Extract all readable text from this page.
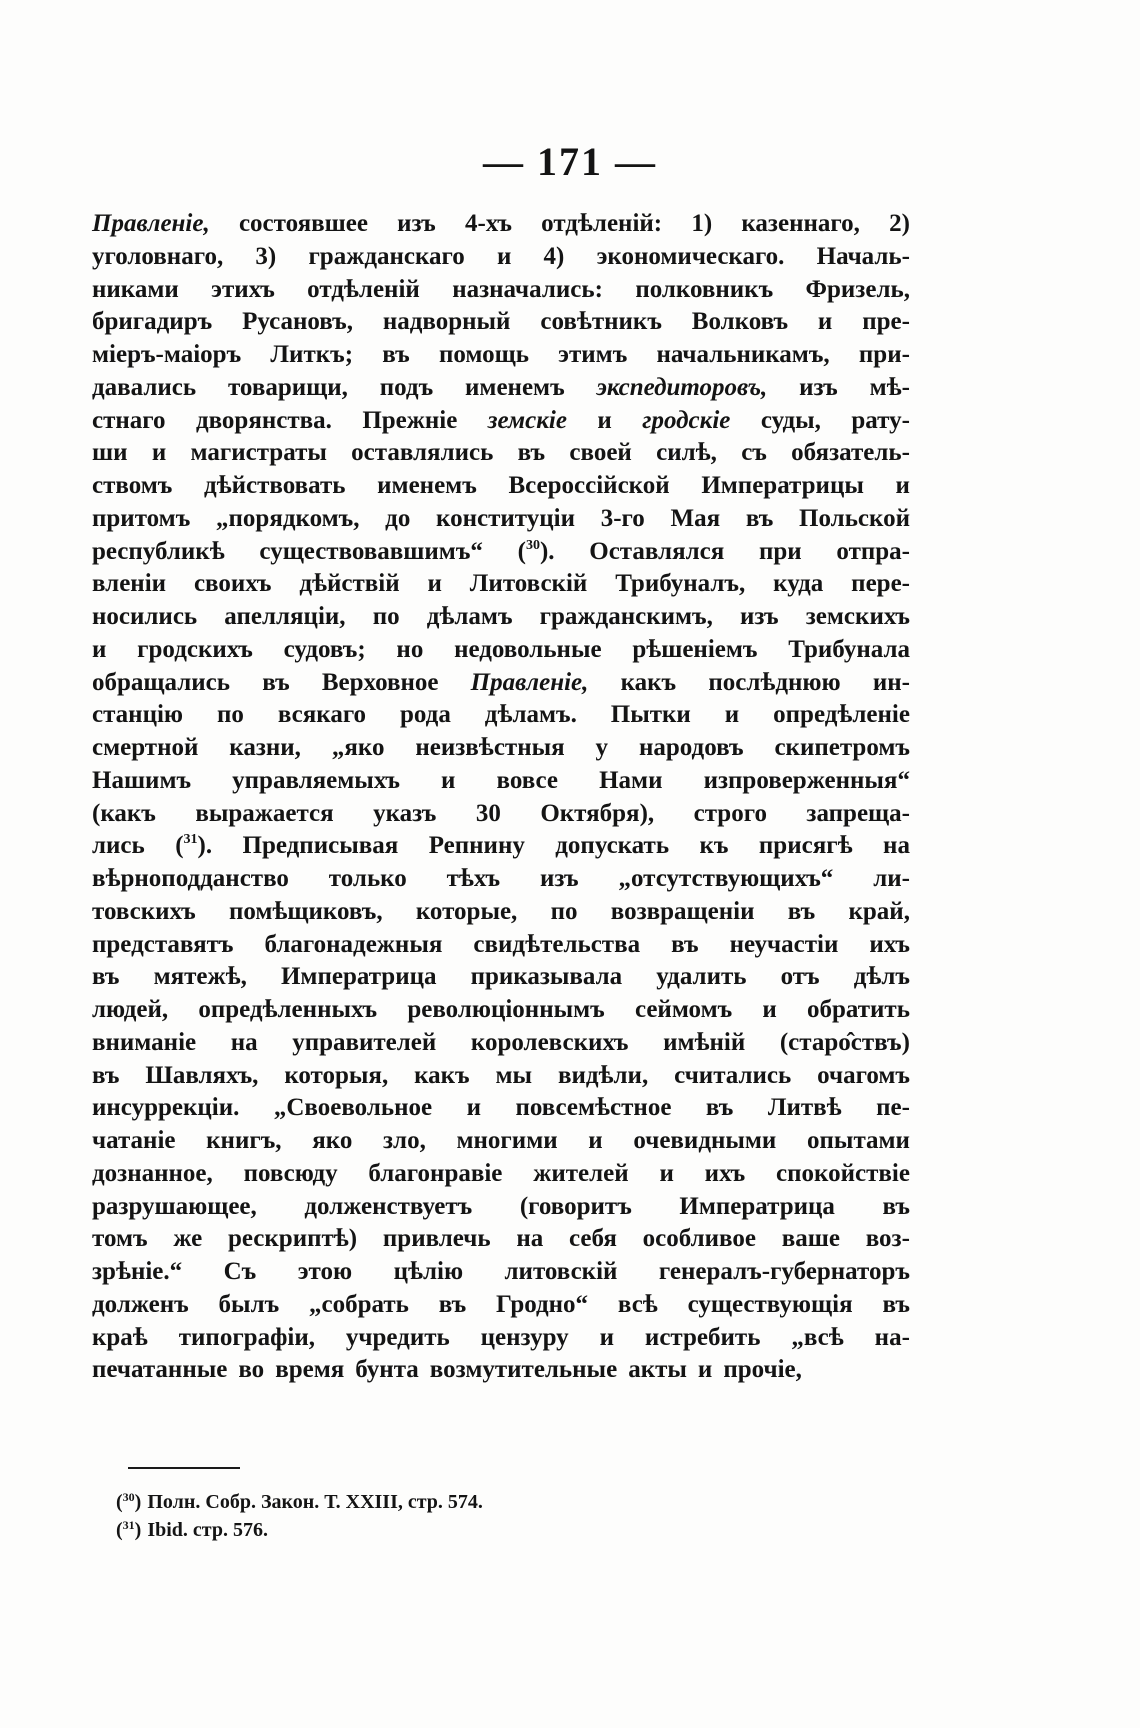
— 171 —
Правленіе, состоявшее изъ 4-хъ отдѣленій: 1) казеннаго, 2)
уголовнаго, 3) гражданскаго и 4) экономическаго. Началь-
никами этихъ отдѣленій назначались: полковникъ Фризель,
бригадиръ Русановъ, надворный совѣтникъ Волковъ и пре-
міеръ-маіоръ Литкъ; въ помощь этимъ начальникамъ, при-
давались товарищи, подъ именемъ экспедиторовъ, изъ мѣ-
стнаго дворянства. Прежніе земскіе и гродскіе суды, рату-
ши и магистраты оставлялись въ своей силѣ, съ обязатель-
ствомъ дѣйствовать именемъ Всероссійской Императрицы и
притомъ „порядкомъ, до конституціи 3-го Мая въ Польской
республикѣ существовавшимъ“ ($^{30}$). Оставлялся при отпра-
вленіи своихъ дѣйствій и Литовскій Трибуналъ, куда пере-
носились апелляціи, по дѣламъ гражданскимъ, изъ земскихъ
и гродскихъ судовъ; но недовольные рѣшеніемъ Трибунала
обращались въ Верховное Правленіе, какъ послѣднюю ин-
станцію по всякаго рода дѣламъ. Пытки и опредѣленіе
смертной казни, „яко неизвѣстныя у народовъ скипетромъ
Нашимъ управляемыхъ и вовсе Нами изпроверженныя“
(какъ выражается указъ 30 Октября), строго запреща-
лись ($^{31}$). Предписывая Репнину допускать къ присягѣ на
вѣрноподданство только тѣхъ изъ „отсутствующихъ“ ли-
товскихъ помѣщиковъ, которые, по возвращеніи въ край,
представятъ благонадежныя свидѣтельства въ неучастіи ихъ
въ мятежѣ, Императрица приказывала удалить отъ дѣлъ
людей, опредѣленныхъ революціоннымъ сеймомъ и обратить
вниманіе на управителей королевскихъ имѣній (старо̂ствъ)
въ Шавляхъ, которыя, какъ мы видѣли, считались очагомъ
инсуррекціи. „Своевольное и повсемѣстное въ Литвѣ пе-
чатаніе книгъ, яко зло, многими и очевидными опытами
дознанное, повсюду благонравіе жителей и ихъ спокойствіе
разрушающее, долженствуетъ (говоритъ Императрица въ
томъ же рескриптѣ) привлечь на себя особливое ваше воз-
зрѣніе.“ Съ этою цѣлію литовскій генералъ-губернаторъ
долженъ былъ „собрать въ Гродно“ всѣ существующія въ
краѣ типографіи, учредить цензуру и истребить „всѣ на-
печатанные во время бунта возмутительные акты и прочіе,
($^{30}$) Полн. Собр. Закон. Т. XXIII, стр. 574.
($^{31}$) Ibid. стр. 576.
